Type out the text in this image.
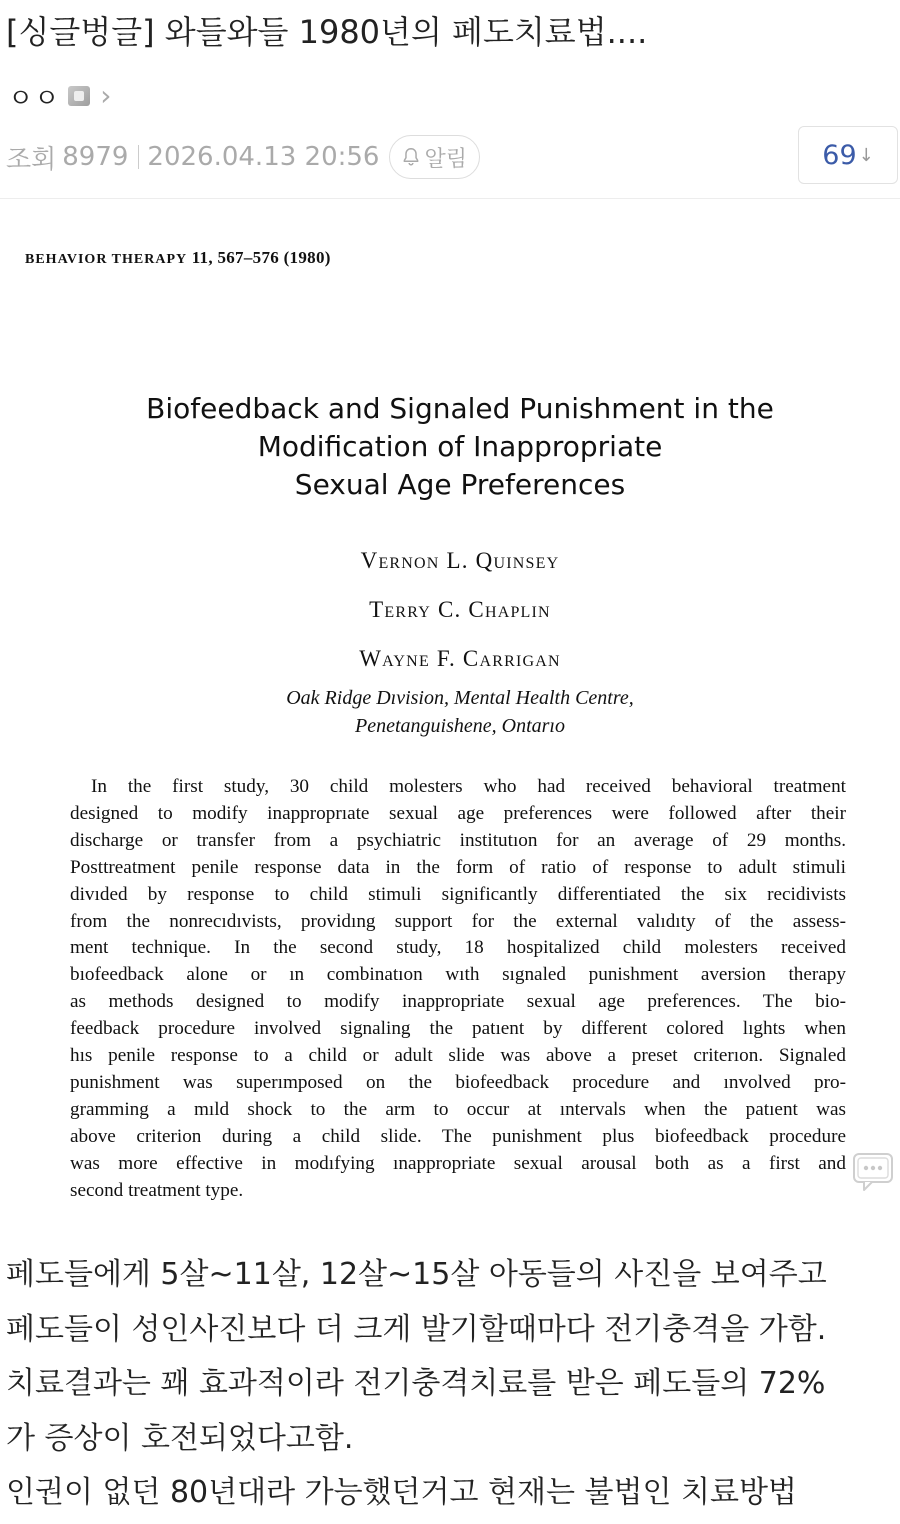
[싱글벙글] 와들와들 1980년의 페도치료법....
ㅇㅇ ›
조회 8979 2026.04.13 20:56 알림	69 ↓
BEHAVIOR THERAPY 11, 567–576 (1980)
Biofeedback and Signaled Punishment in the
Modification of Inappropriate
Sexual Age Preferences
Vernon L. Quinsey
Terry C. Chaplin
Wayne F. Carrigan
Oak Ridge Dıvision, Mental Health Centre,
Penetanguishene, Ontarıo
In the first study, 30 child molesters who had received behavioral treatment
designed to modify inapproprıate sexual age preferences were followed after their
discharge or transfer from a psychiatric institutıon for an average of 29 months.
Posttreatment penile response data in the form of ratio of response to adult stimuli
divıded by response to child stimuli significantly differentiated the six recidivists
from the nonrecıdıvists, providıng support for the external valıdıty of the assess-
ment technique. In the second study, 18 hospitalized child molesters received
bıofeedback alone or ın combinatıon wıth sıgnaled punishment aversion therapy
as methods designed to modify inappropriate sexual age preferences. The bio-
feedback procedure involved signaling the patıent by different colored lıghts when
hıs penile response to a child or adult slide was above a preset criterıon. Signaled
punishment was superımposed on the biofeedback procedure and ınvolved pro-
gramming a mıld shock to the arm to occur at ıntervals when the patıent was
above criterion during a child slide. The punishment plus biofeedback procedure
was more effective in modıfying ınappropriate sexual arousal both as a first and
second treatment type.
페도들에게 5살~11살, 12살~15살 아동들의 사진을 보여주고
페도들이 성인사진보다 더 크게 발기할때마다 전기충격을 가함.
치료결과는 꽤 효과적이라 전기충격치료를 받은 페도들의 72%
가 증상이 호전되었다고함.
인권이 없던 80년대라 가능했던거고 현재는 불법인 치료방법
